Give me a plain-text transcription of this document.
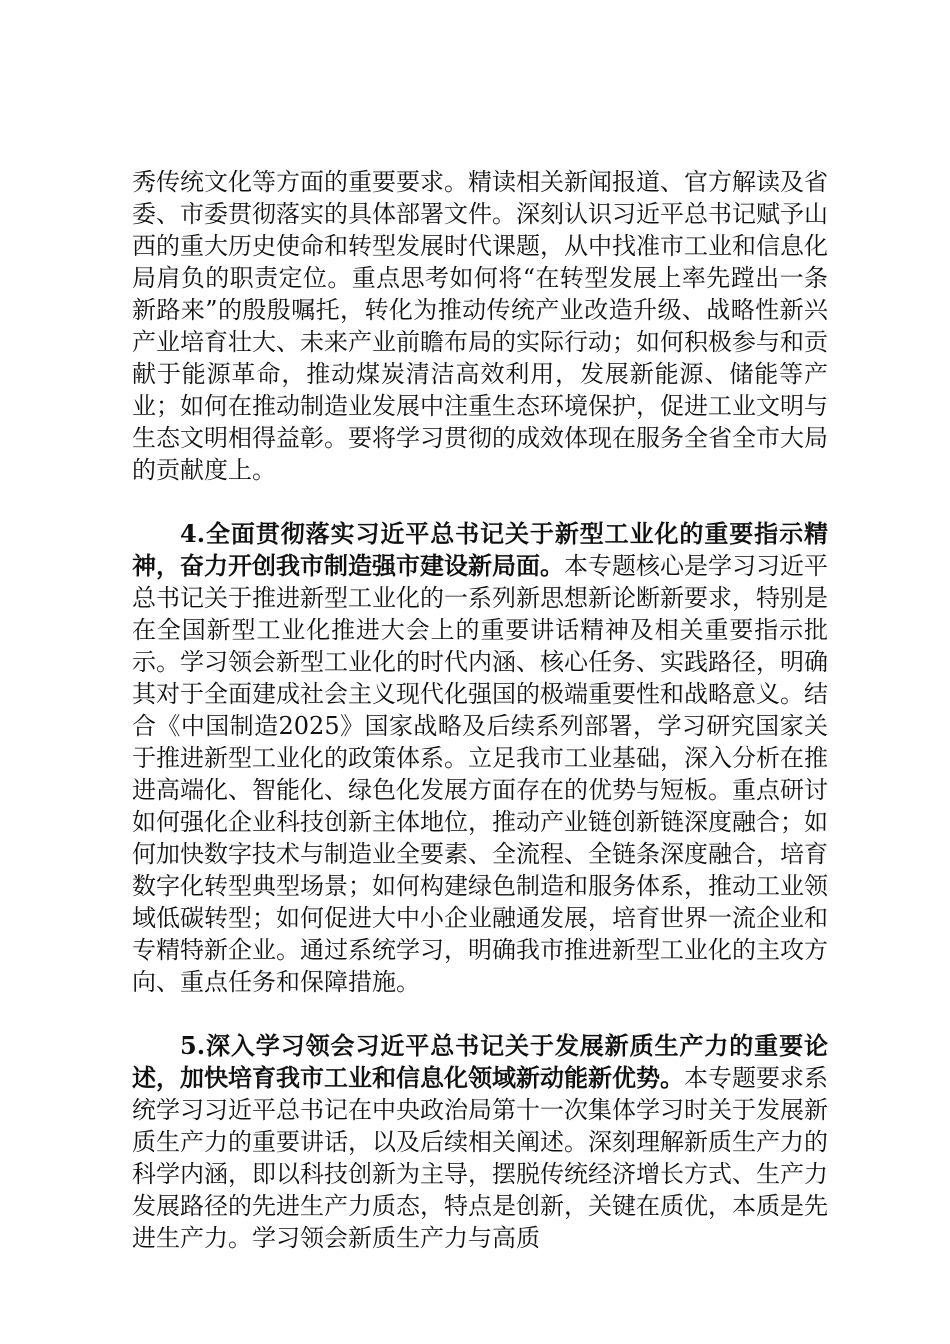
秀传统文化等方面的重要要求。精读相关新闻报道、官方解读及省委、市委贯彻落实的具体部署文件。深刻认识习近平总书记赋予山西的重大历史使命和转型发展时代课题，从中找准市工业和信息化局肩负的职责定位。重点思考如何将“在转型发展上率先蹚出一条新路来”的殷殷嘱托，转化为推动传统产业改造升级、战略性新兴产业培育壮大、未来产业前瞻布局的实际行动；如何积极参与和贡献于能源革命，推动煤炭清洁高效利用，发展新能源、储能等产业；如何在推动制造业发展中注重生态环境保护，促进工业文明与生态文明相得益彰。要将学习贯彻的成效体现在服务全省全市大局的贡献度上。

4.全面贯彻落实习近平总书记关于新型工业化的重要指示精神，奋力开创我市制造强市建设新局面。本专题核心是学习习近平总书记关于推进新型工业化的一系列新思想新论断新要求，特别是在全国新型工业化推进大会上的重要讲话精神及相关重要指示批示。学习领会新型工业化的时代内涵、核心任务、实践路径，明确其对于全面建成社会主义现代化强国的极端重要性和战略意义。结合《中国制造2025》国家战略及后续系列部署，学习研究国家关于推进新型工业化的政策体系。立足我市工业基础，深入分析在推进高端化、智能化、绿色化发展方面存在的优势与短板。重点研讨如何强化企业科技创新主体地位，推动产业链创新链深度融合；如何加快数字技术与制造业全要素、全流程、全链条深度融合，培育数字化转型典型场景；如何构建绿色制造和服务体系，推动工业领域低碳转型；如何促进大中小企业融通发展，培育世界一流企业和专精特新企业。通过系统学习，明确我市推进新型工业化的主攻方向、重点任务和保障措施。

5.深入学习领会习近平总书记关于发展新质生产力的重要论述，加快培育我市工业和信息化领域新动能新优势。本专题要求系统学习习近平总书记在中央政治局第十一次集体学习时关于发展新质生产力的重要讲话，以及后续相关阐述。深刻理解新质生产力的科学内涵，即以科技创新为主导，摆脱传统经济增长方式、生产力发展路径的先进生产力质态，特点是创新，关键在质优，本质是先进生产力。学习领会新质生产力与高质
